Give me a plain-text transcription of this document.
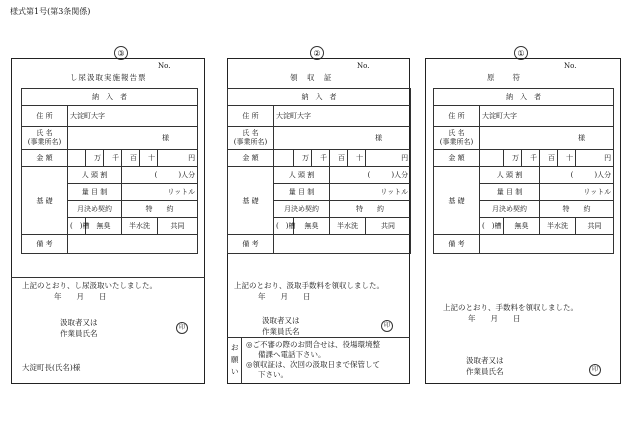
様式第1号(第3条関係)
③
No.
し尿汲取実施報告票
納　入　者						
住 所	大淀町大字					
氏 名
(事業所名)	様					
金 額		万	千	百	十	円
基 礎	人 頭 割			(　　　)人分		
	量 目 制			リットル		
	月決め契約			特　　約		
	(　)槽	無臭		半水洗		共同
備 考						
上記のとおり、し尿汲取いたしました。
年　　月　　日
汲取者又は
作業員氏名
印
大淀町長(氏名)様
②
No.
領　収　証
納　入　者						
住 所	大淀町大字					
氏 名
(事業所名)	様					
金 額		万	千	百	十	円
基 礎	人 頭 割			(　　　)人分		
	量 目 制			リットル		
	月決め契約			特　　約		
	(　)槽	無臭		半水洗		共同
備 考						
上記のとおり、汲取手数料を領収しました。
年　　月　　日
汲取者又は
作業員氏名
印
お
願
い
◎ご不審の際のお問合せは、役場環境整
備課へ電話下さい。
◎領収証は、次回の汲取日まで保管して
下さい。
①
No.
原　　符
納　入　者						
住 所	大淀町大字					
氏 名
(事業所名)	様					
金 額		万	千	百	十	円
基 礎	人 頭 割			(　　　)人分		
	量 目 制			リットル		
	月決め契約			特　　約		
	(　)槽	無臭		半水洗		共同
備 考						
上記のとおり、手数料を領収しました。
年　　月　　日
汲取者又は
作業員氏名	印
